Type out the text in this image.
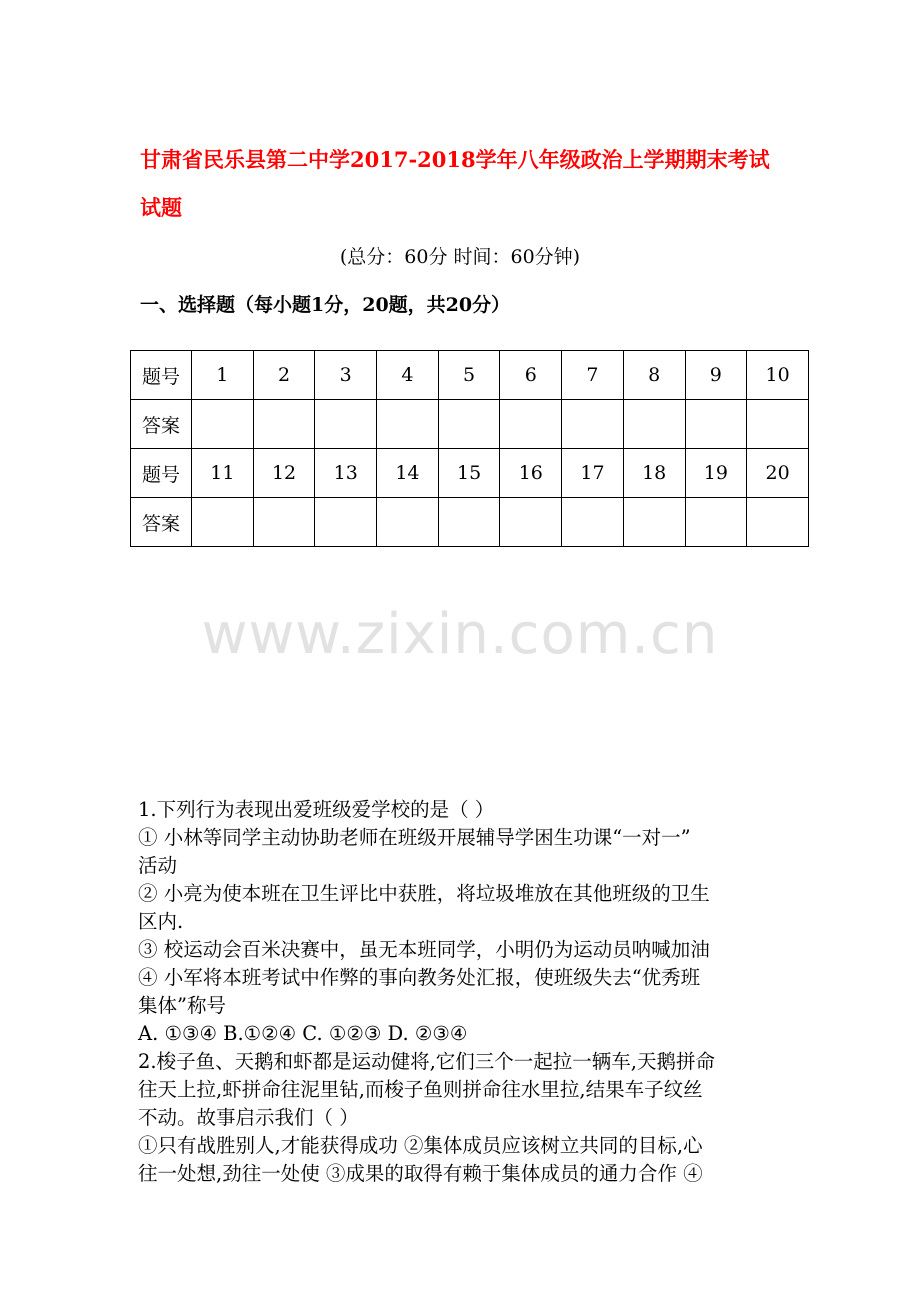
甘肃省民乐县第二中学2017-2018学年八年级政治上学期期末考试
试题
(总分：60分 时间：60分钟)
一、选择题（每小题1分，20题，共20分）
题号	1	2	3	4	5	6	7	8	9	10
答案										
题号	11	12	13	14	15	16	17	18	19	20
答案										
www.zixin.com.cn
1.下列行为表现出爱班级爱学校的是（ ）
① 小林等同学主动协助老师在班级开展辅导学困生功课“一对一”
活动
② 小亮为使本班在卫生评比中获胜，将垃圾堆放在其他班级的卫生
区内.
③ 校运动会百米决赛中，虽无本班同学，小明仍为运动员呐喊加油
④ 小军将本班考试中作弊的事向教务处汇报，使班级失去“优秀班
集体”称号
A. ①③④ B.①②④ C. ①②③ D. ②③④
2.梭子鱼、天鹅和虾都是运动健将,它们三个一起拉一辆车,天鹅拼命
往天上拉,虾拼命往泥里钻,而梭子鱼则拼命往水里拉,结果车子纹丝
不动。故事启示我们（ ）
①只有战胜别人,才能获得成功 ②集体成员应该树立共同的目标,心
往一处想,劲往一处使 ③成果的取得有赖于集体成员的通力合作 ④
